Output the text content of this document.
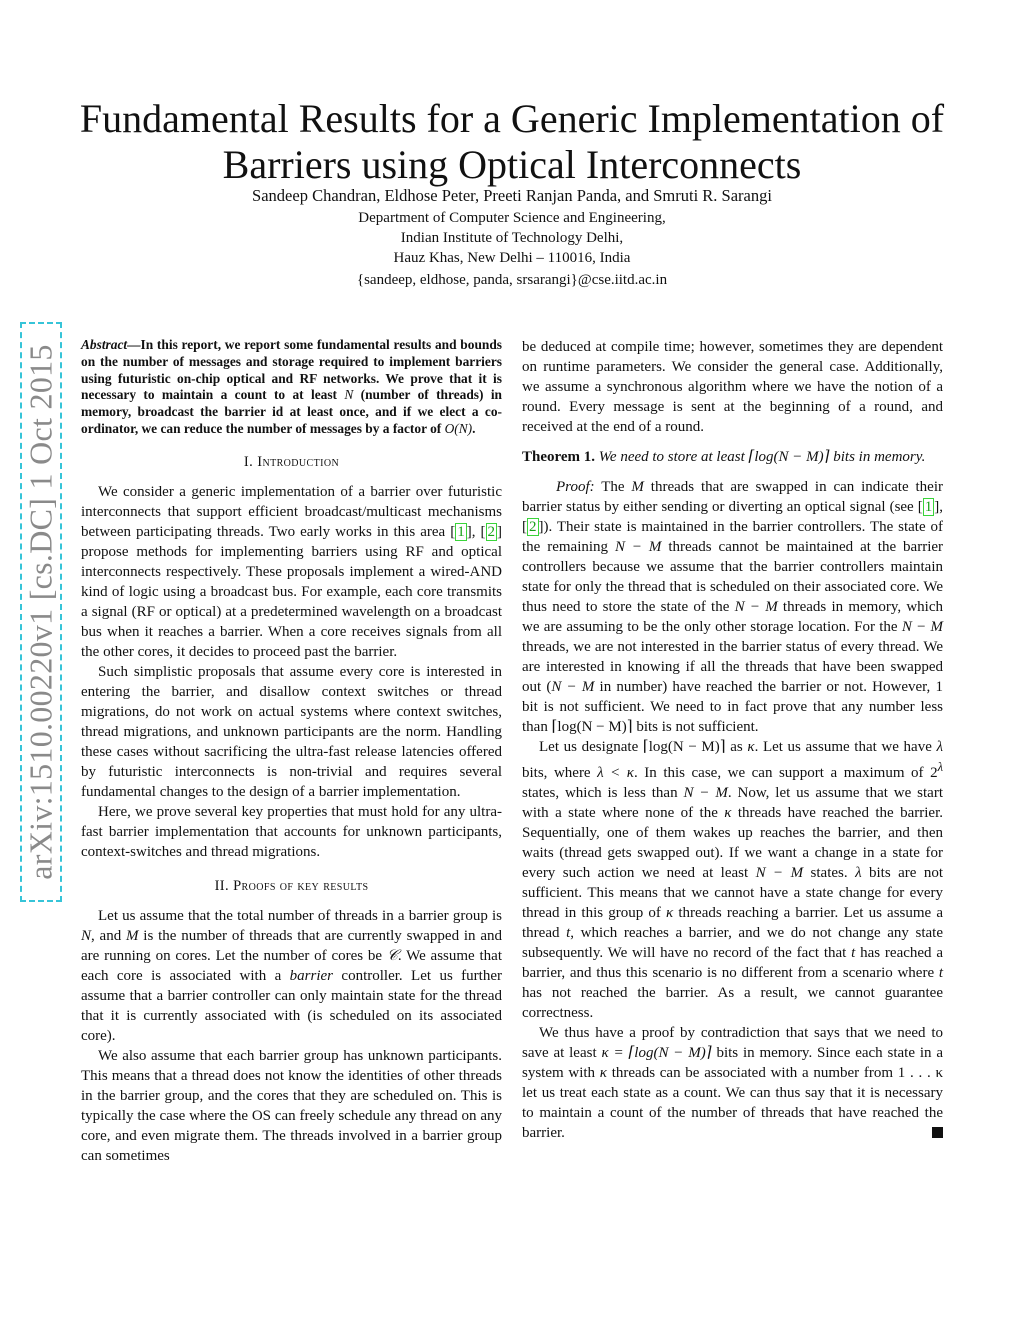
Fundamental Results for a Generic Implementation of Barriers using Optical Interconnects
Sandeep Chandran, Eldhose Peter, Preeti Ranjan Panda, and Smruti R. Sarangi
Department of Computer Science and Engineering,
Indian Institute of Technology Delhi,
Hauz Khas, New Delhi – 110016, India
{sandeep, eldhose, panda, srsarangi}@cse.iitd.ac.in
arXiv:1510.00220v1 [cs.DC] 1 Oct 2015 Abstract—In this report, we report some fundamental results and bounds on the number of messages and storage required to implement barriers using futuristic on-chip optical and RF networks. We prove that it is necessary to maintain a count to at least N (number of threads) in memory, broadcast the barrier id at least once, and if we elect a co-ordinator, we can reduce the number of messages by a factor of O(N).

I. Introduction

We consider a generic implementation of a barrier over futuristic interconnects that support efficient broadcast/multicast mechanisms between participating threads. Two early works in this area [ 1 ], [ 2 ] propose methods for implementing barriers using RF and optical interconnects respectively. These proposals implement a wired-AND kind of logic using a broadcast bus. For example, each core transmits a signal (RF or optical) at a predetermined wavelength on a broadcast bus when it reaches a barrier. When a core receives signals from all the other cores, it decides to proceed past the barrier.

Such simplistic proposals that assume every core is interested in entering the barrier, and disallow context switches or thread migrations, do not work on actual systems where context switches, thread migrations, and unknown participants are the norm. Handling these cases without sacrificing the ultra-fast release latencies offered by futuristic interconnects is non-trivial and requires several fundamental changes to the design of a barrier implementation.

Here, we prove several key properties that must hold for any ultra-fast barrier implementation that accounts for unknown participants, context-switches and thread migrations.

II. Proofs of key results

Let us assume that the total number of threads in a barrier group is N, and M is the number of threads that are currently swapped in and are running on cores. Let the number of cores be 𝒞. We assume that each core is associated with a barrier controller. Let us further assume that a barrier controller can only maintain state for the thread that it is currently associated with (is scheduled on its associated core).

We also assume that each barrier group has unknown participants. This means that a thread does not know the identities of other threads in the barrier group, and the cores that they are scheduled on. This is typically the case where the OS can freely schedule any thread on any core, and even migrate them. The threads involved in a barrier group can sometimes

be deduced at compile time; however, sometimes they are dependent on runtime parameters. We consider the general case. Additionally, we assume a synchronous algorithm where we have the notion of a round. Every message is sent at the beginning of a round, and received at the end of a round.

Theorem 1. We need to store at least ⌈log(N − M)⌉ bits in memory.

Proof: The M threads that are swapped in can indicate their barrier status by either sending or diverting an optical signal (see [ 1 ], [ 2 ]). Their state is maintained in the barrier controllers. The state of the remaining N − M threads cannot be maintained at the barrier controllers because we assume that the barrier controllers maintain state for only the thread that is scheduled on their associated core. We thus need to store the state of the N − M threads in memory, which we are assuming to be the only other storage location. For the N − M threads, we are not interested in the barrier status of every thread. We are interested in knowing if all the threads that have been swapped out (N − M in number) have reached the barrier or not. However, 1 bit is not sufficient. We need to in fact prove that any number less than ⌈log(N − M)⌉ bits is not sufficient.

Let us designate ⌈log(N − M)⌉ as κ. Let us assume that we have λ bits, where λ < κ. In this case, we can support a maximum of $2^\lambda$ states, which is less than N − M. Now, let us assume that we start with a state where none of the κ threads have reached the barrier. Sequentially, one of them wakes up reaches the barrier, and then waits (thread gets swapped out). If we want a change in a state for every such action we need at least N − M states. λ bits are not sufficient. This means that we cannot have a state change for every thread in this group of κ threads reaching a barrier. Let us assume a thread t, which reaches a barrier, and we do not change any state subsequently. We will have no record of the fact that t has reached a barrier, and thus this scenario is no different from a scenario where t has not reached the barrier. As a result, we cannot guarantee correctness.

We thus have a proof by contradiction that says that we need to save at least κ = ⌈log(N − M)⌉ bits in memory. Since each state in a system with κ threads can be associated with a number from 1 . . . κ let us treat each state as a count. We can thus say that it is necessary to maintain a count of the number of threads that have reached the barrier.
